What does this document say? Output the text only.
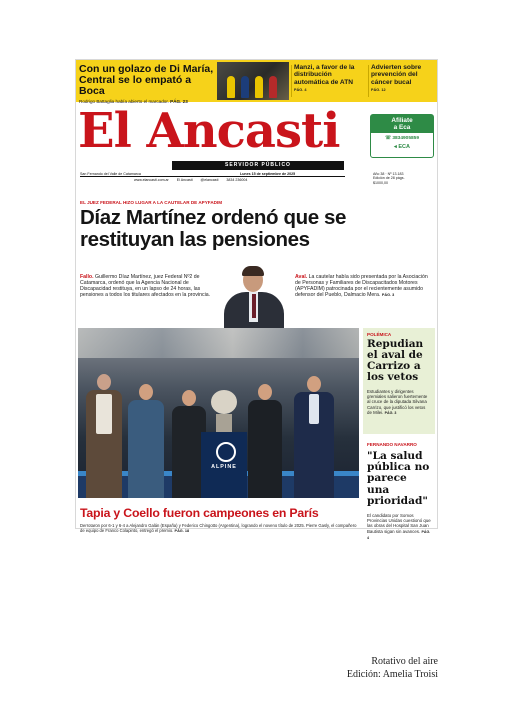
Con un golazo de Di María, Central se lo empató a Boca
Rodrigo Battaglia había abierto el marcador. PÁG. 23
Manzi, a favor de la distribución automática de ATN
PÁG. 4
Advierten sobre prevención del cáncer bucal
PÁG. 12
El Ancasti
SERVIDOR PÚBLICO
San Fernando del Valle de Catamarca	Lunes 15 de septiembre de 2025
www.elancasti.com.ar El Ancasti @elancasti 3834 236004
Afiliate
a Eca
☏ 3834905859
◂ ECA
Año 38 · Nº 13.183
Edición de 28 págs.
$1000,00
EL JUEZ FEDERAL HIZO LUGAR A LA CAUTELAR DE APYFADIM
Díaz Martínez ordenó que se restituyan las pensiones
Fallo. Guillermo Díaz Martínez, juez Federal Nº2 de Catamarca, ordenó que la Agencia Nacional de Discapacidad restituya, en un lapso de 24 horas, las pensiones a todos los titulares afectados en la provincia.
Aval. La cautelar había sido presentada por la Asociación de Personas y Familiares de Discapacitados Motores (APYFADIM) patrocinada por el recientemente asumido defensor del Pueblo, Dalmacio Mera. PÁG. 3
ALPINE
Tapia y Coello fueron campeones en París
Derrotaron por 6-1 y 6-4 a Alejandro Galán (España) y Federico Chingotto (Argentina), logrando el noveno título de 2025. Pierre Gasly, el compañero de equipo de Franco Colapinto, entregó el premio. PÁG. 18
POLÉMICA
Repudian el aval de Carrizo a los vetos
Estudiantes y dirigentes gremiales salieron fuertemente al cruce de la diputada Silvana Carrizo, que justificó los vetos de Milei. PÁG. 3
FERNANDO NAVARRO
"La salud pública no parece una prioridad"
El candidato por Somos Provincias Unidas cuestionó que las obras del Hospital San Juan Bautista sigan sin avances. PÁG. 4
Rotativo del aire
Edición: Amelia Troisi
